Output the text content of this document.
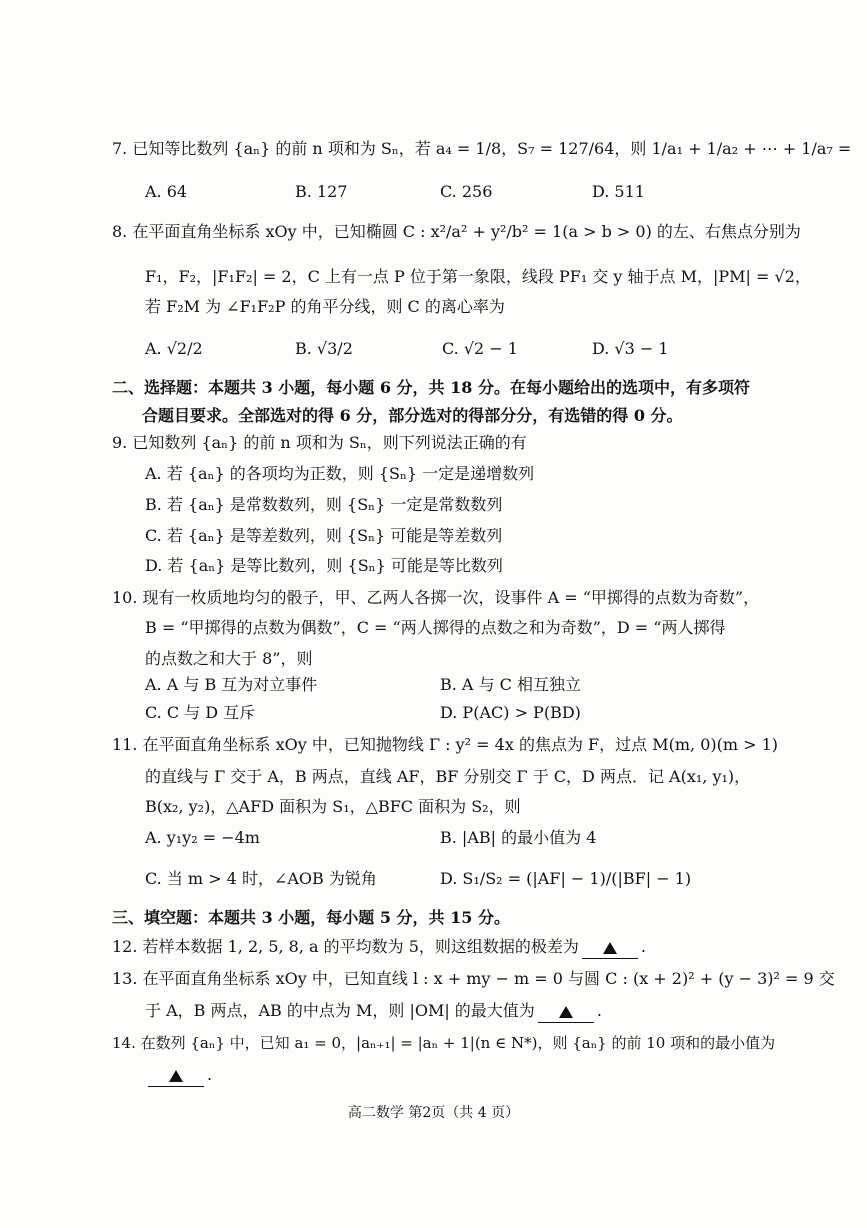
7. 已知等比数列 {aₙ} 的前 n 项和为 Sₙ，若 a₄ = 1/8，S₇ = 127/64，则 1/a₁ + 1/a₂ + ⋯ + 1/a₇ =
A. 64	B. 127	C. 256	D. 511
8. 在平面直角坐标系 xOy 中，已知椭圆 C : x²/a² + y²/b² = 1(a > b > 0) 的左、右焦点分别为
F₁，F₂，|F₁F₂| = 2，C 上有一点 P 位于第一象限，线段 PF₁ 交 y 轴于点 M，|PM| = √2，
若 F₂M 为 ∠F₁F₂P 的角平分线，则 C 的离心率为
A. √2/2	B. √3/2	C. √2 − 1	D. √3 − 1
二、选择题：本题共 3 小题，每小题 6 分，共 18 分。在每小题给出的选项中，有多项符
合题目要求。全部选对的得 6 分，部分选对的得部分分，有选错的得 0 分。
9. 已知数列 {aₙ} 的前 n 项和为 Sₙ，则下列说法正确的有
A. 若 {aₙ} 的各项均为正数，则 {Sₙ} 一定是递增数列
B. 若 {aₙ} 是常数数列，则 {Sₙ} 一定是常数数列
C. 若 {aₙ} 是等差数列，则 {Sₙ} 可能是等差数列
D. 若 {aₙ} 是等比数列，则 {Sₙ} 可能是等比数列
10. 现有一枚质地均匀的骰子，甲、乙两人各掷一次，设事件 A = “甲掷得的点数为奇数”，
B = “甲掷得的点数为偶数”，C = “两人掷得的点数之和为奇数”，D = “两人掷得
的点数之和大于 8”，则
A. A 与 B 互为对立事件	B. A 与 C 相互独立
C. C 与 D 互斥	D. P(AC) > P(BD)
11. 在平面直角坐标系 xOy 中，已知抛物线 Γ : y² = 4x 的焦点为 F，过点 M(m, 0)(m > 1)
的直线与 Γ 交于 A，B 两点，直线 AF，BF 分别交 Γ 于 C，D 两点．记 A(x₁, y₁)，
B(x₂, y₂)，△AFD 面积为 S₁，△BFC 面积为 S₂，则
A. y₁y₂ = −4m	B. |AB| 的最小值为 4
C. 当 m > 4 时，∠AOB 为锐角	D. S₁/S₂ = (|AF| − 1)/(|BF| − 1)
三、填空题：本题共 3 小题，每小题 5 分，共 15 分。
12. 若样本数据 1, 2, 5, 8, a 的平均数为 5，则这组数据的极差为	.
13. 在平面直角坐标系 xOy 中，已知直线 l : x + my − m = 0 与圆 C : (x + 2)² + (y − 3)² = 9 交
于 A，B 两点，AB 的中点为 M，则 |OM| 的最大值为	.
14. 在数列 {aₙ} 中，已知 a₁ = 0，|aₙ₊₁| = |aₙ + 1|(n ∈ N*)，则 {aₙ} 的前 10 项和的最小值为
.
高二数学 第2页（共 4 页）
